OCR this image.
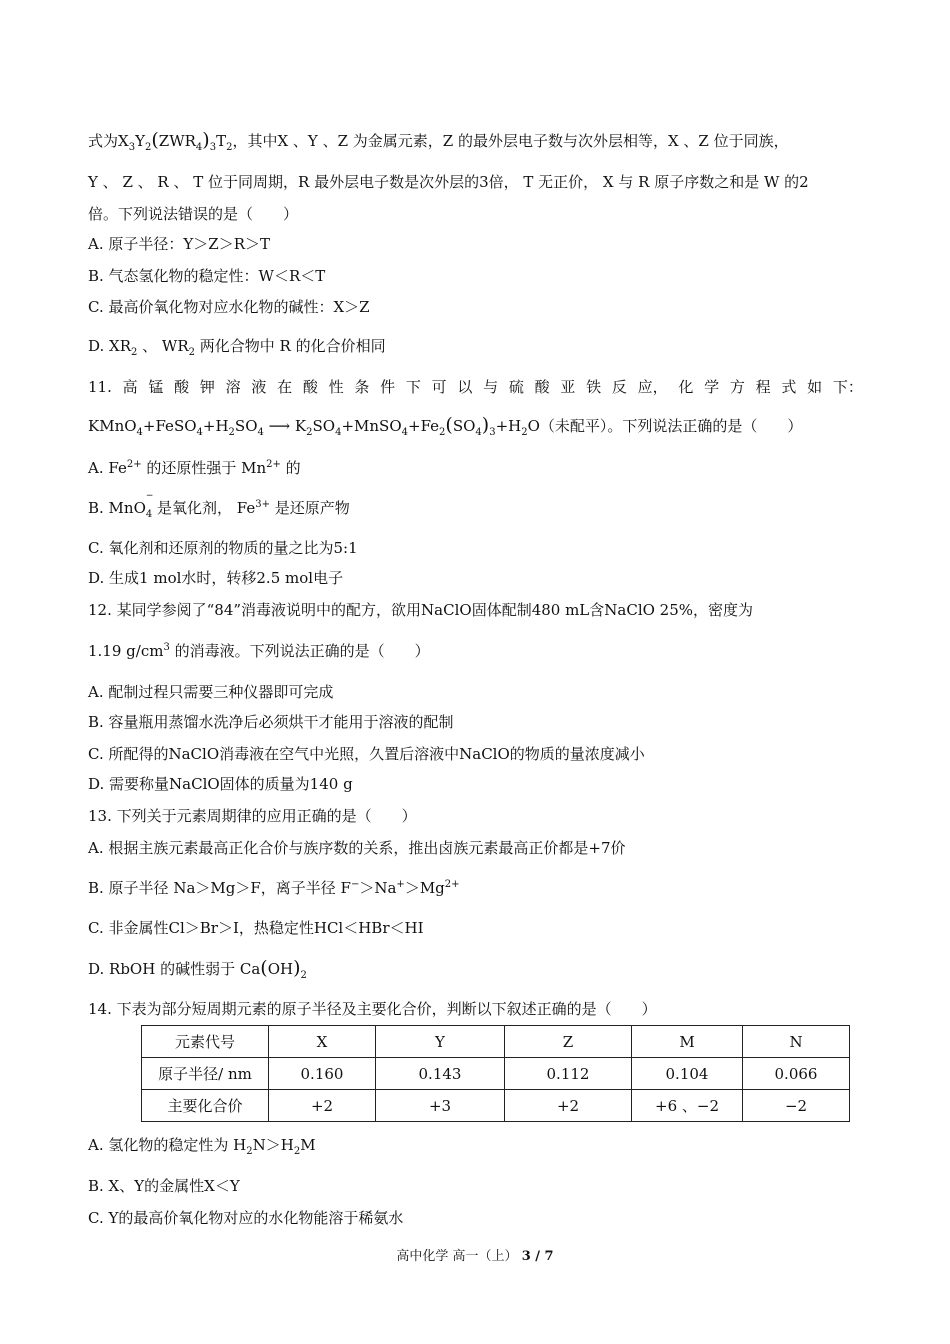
式为$X_3Y_2(ZWR_4)_3T_2$，其中X 、Y 、Z 为金属元素，Z 的最外层电子数与次外层相等，X 、Z 位于同族，
Y 、 Z 、 R 、 T 位于同周期，R 最外层电子数是次外层的3倍， T 无正价， X 与 R 原子序数之和是 W 的2
倍。下列说法错误的是（　　）
A. 原子半径：Y＞Z＞R＞T
B. 气态氢化物的稳定性：W＜R＜T
C. 最高价氧化物对应水化物的碱性：X＞Z
D. $XR_2$ 、 $WR_2$ 两化合物中 R 的化合价相同
11. 高 锰 酸 钾 溶 液 在 酸 性 条 件 下 可 以 与 硫 酸 亚 铁 反 应， 化 学 方 程 式 如 下：
$KMnO_4+FeSO_4+H_2SO_4$ ⟶ $K_2SO_4+MnSO_4+Fe_2(SO_4)_3+H_2O$（未配平）。下列说法正确的是（　　）
A. $Fe^{2+}$ 的还原性强于 $Mn^{2+}$ 的
B. MnO
$_{- 4}$ 是氧化剂， $Fe^{3+}$ 是还原产物
C. 氧化剂和还原剂的物质的量之比为5:1
D. 生成1 mol水时，转移2.5 mol电子
12. 某同学参阅了“84”消毒液说明中的配方，欲用NaClO固体配制480 mL含NaClO 25%，密度为
1.19 $g/cm^3$ 的消毒液。下列说法正确的是（　　）
A. 配制过程只需要三种仪器即可完成
B. 容量瓶用蒸馏水洗净后必须烘干才能用于溶液的配制
C. 所配得的NaClO消毒液在空气中光照，久置后溶液中NaClO的物质的量浓度减小
D. 需要称量NaClO固体的质量为140 g
13. 下列关于元素周期律的应用正确的是（　　）
A. 根据主族元素最高正化合价与族序数的关系，推出卤族元素最高正价都是+7价
B. 原子半径 Na＞Mg＞F，离子半径 $F^->Na^+>Mg^{2+}$
C. 非金属性Cl＞Br＞I，热稳定性HCl＜HBr＜HI
D. RbOH 的碱性弱于 $Ca(OH)_2$
14. 下表为部分短周期元素的原子半径及主要化合价，判断以下叙述正确的是（　　）
元素代号	X	Y	Z	M	N
原子半径/ nm	0.160	0.143	0.112	0.104	0.066
主要化合价	+2	+3	+2	+6 、−2	−2
A. 氢化物的稳定性为 $H_2N>H_2M$
B. X、Y的金属性X＜Y
C. Y的最高价氧化物对应的水化物能溶于稀氨水
高中化学 高一（上） 3 / 7
